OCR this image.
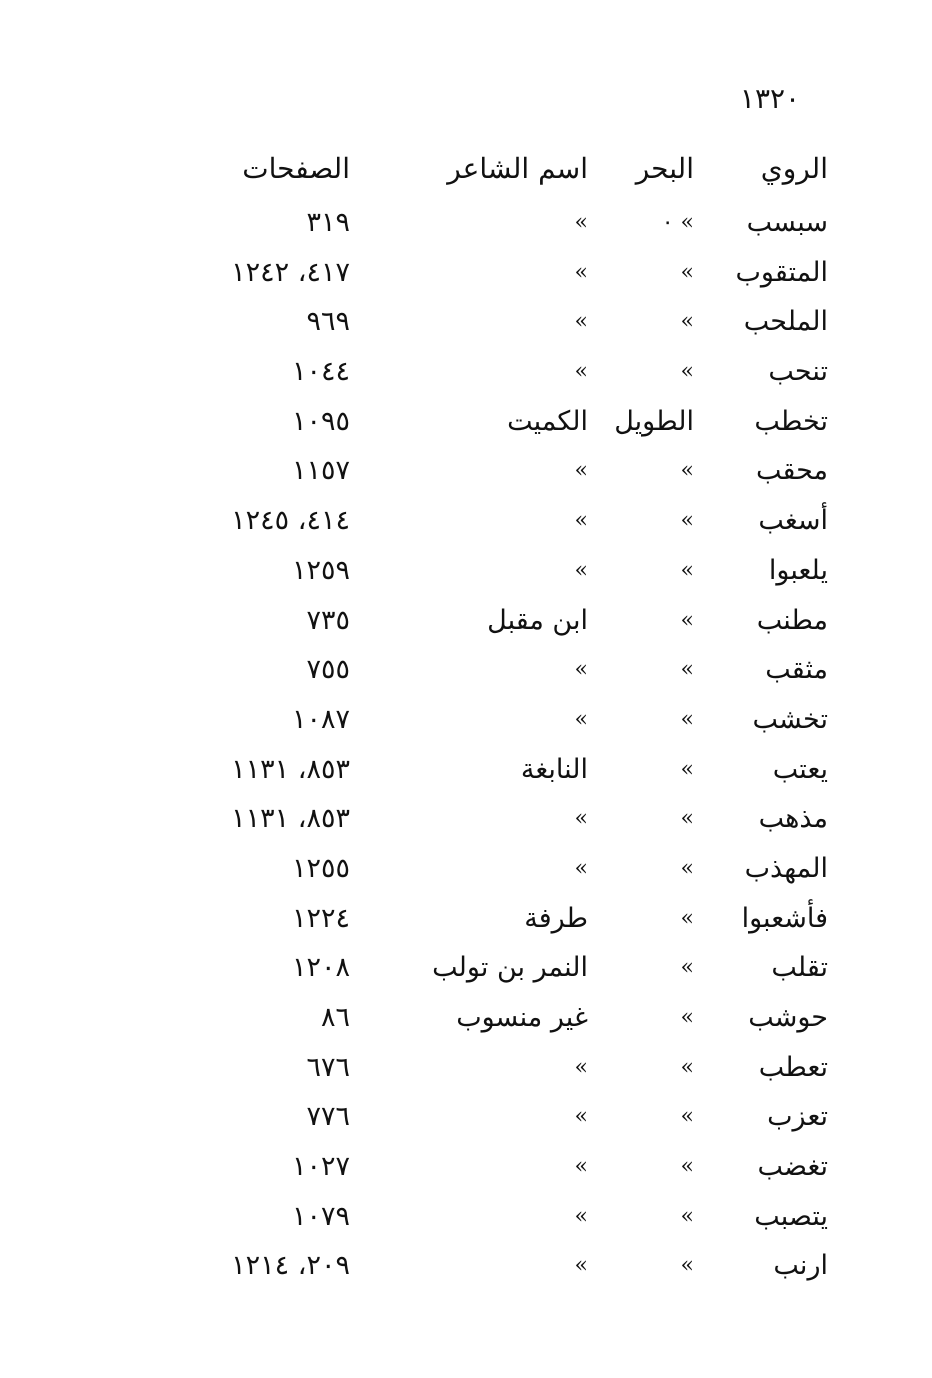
١٣٢٠
الروي
البحر
اسم الشاعر
الصفحات
سبسب
» ٠
»
٣١٩
المتقوب
»
»
٤١٧، ١٢٤٢
الملحب
»
»
٩٦٩
تنحب
»
»
١٠٤٤
تخطب
الطويل
الكميت
١٠٩٥
محقب
»
»
١١٥٧
أسغب
»
»
٤١٤، ١٢٤٥
يلعبوا
»
»
١٢٥٩
مطنب
»
ابن مقبل
٧٣٥
مثقب
»
»
٧٥٥
تخشب
»
»
١٠٨٧
يعتب
»
النابغة
٨٥٣، ١١٣١
مذهب
»
»
٨٥٣، ١١٣١
المهذب
»
»
١٢٥٥
فأشعبوا
»
طرفة
١٢٢٤
تقلب
»
النمر بن تولب
١٢٠٨
حوشب
»
غير منسوب
٨٦
تعطب
»
»
٦٧٦
تعزب
»
»
٧٧٦
تغضب
»
»
١٠٢٧
يتصبب
»
»
١٠٧٩
ارنب
»
»
٢٠٩، ١٢١٤
